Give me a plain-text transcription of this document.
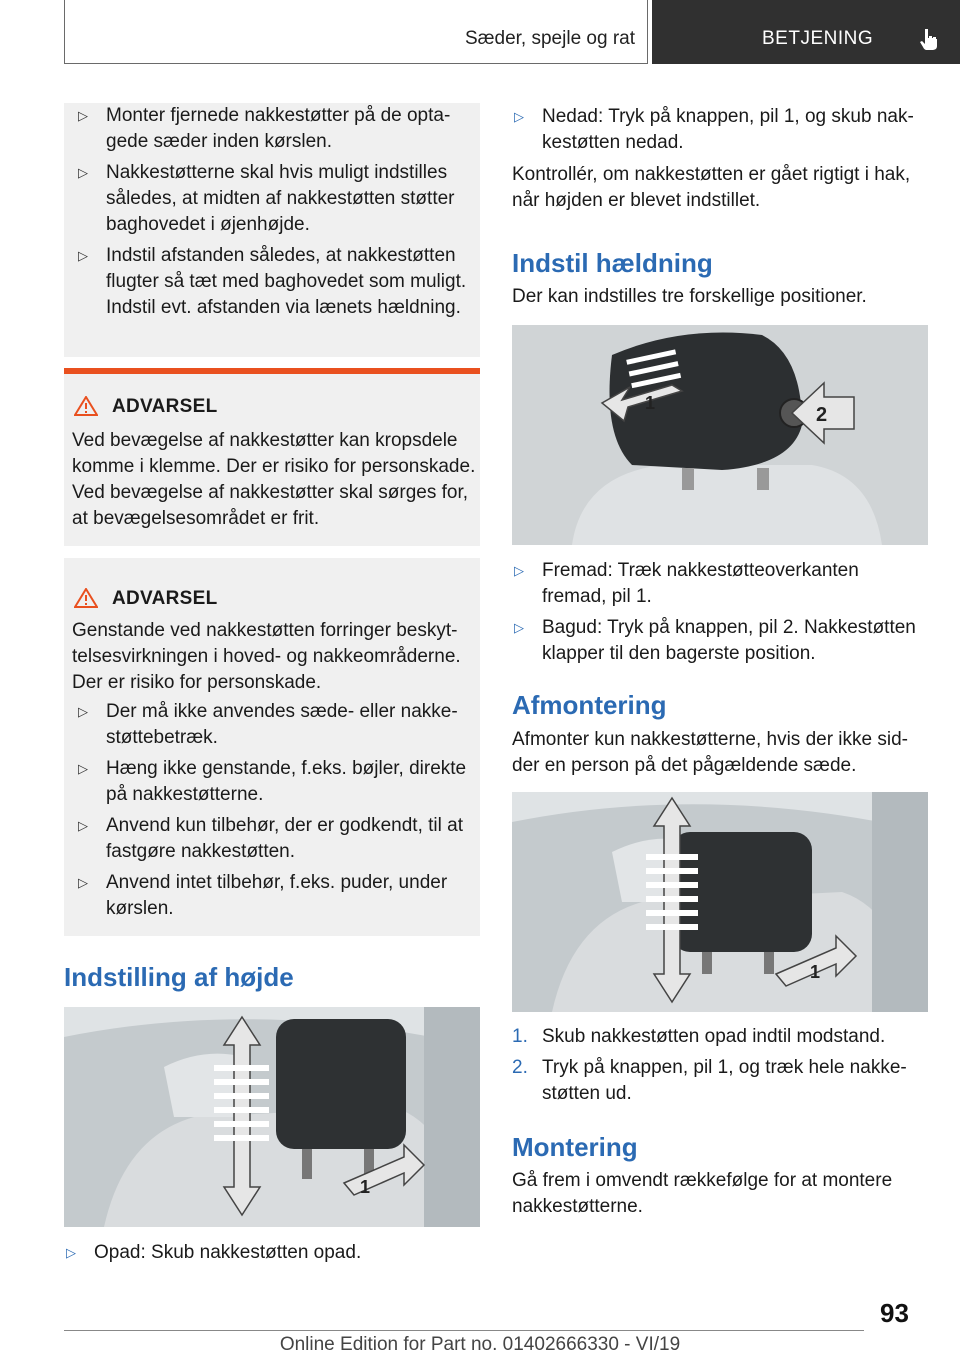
Sæder, spejle og rat	BETJENING
▷ Monter fjernede nakkestøtter på de optagede sæder inden kørslen.
▷ Nakkestøtterne skal hvis muligt indstilles således, at midten af nakkestøtten støtter baghovedet i øjenhøjde.
▷ Indstil afstanden således, at nakkestøtten flugter så tæt med baghovedet som muligt. Indstil evt. afstanden via lænets hældning.
ADVARSEL

Ved bevægelse af nakkestøtter kan kropsdele komme i klemme. Der er risiko for personskade. Ved bevægelse af nakkestøtter skal sørges for, at bevægelsesområdet er frit.

ADVARSEL

Genstande ved nakkestøtten forringer beskyttelsesvirkningen i hoved- og nakkeområderne. Der er risiko for personskade.

▷ Der må ikke anvendes sæde- eller nakkestøttebetræk.
▷ Hæng ikke genstande, f.eks. bøjler, direkte på nakkestøtterne.
▷ Anvend kun tilbehør, der er godkendt, til at fastgøre nakkestøtten.
▷ Anvend intet tilbehør, f.eks. puder, under kørslen.
Indstilling af højde
1
▷ Opad: Skub nakkestøtten opad.
▷ Nedad: Tryk på knappen, pil 1, og skub nakkestøtten nedad.

Kontrollér, om nakkestøtten er gået rigtigt i hak, når højden er blevet indstillet.

Indstil hældning

Der kan indstilles tre forskellige positioner.

1
2
▷ Fremad: Træk nakkestøtteoverkanten fremad, pil 1.
▷ Bagud: Tryk på knappen, pil 2. Nakkestøtten klapper til den bagerste position.
Afmontering

Afmonter kun nakkestøtterne, hvis der ikke sidder en person på det pågældende sæde.

1
1. Skub nakkestøtten opad indtil modstand.
2. Tryk på knappen, pil 1, og træk hele nakkestøtten ud.
Montering

Gå frem i omvendt rækkefølge for at montere nakkestøtterne.

93
Online Edition for Part no. 01402666330 - VI/19
